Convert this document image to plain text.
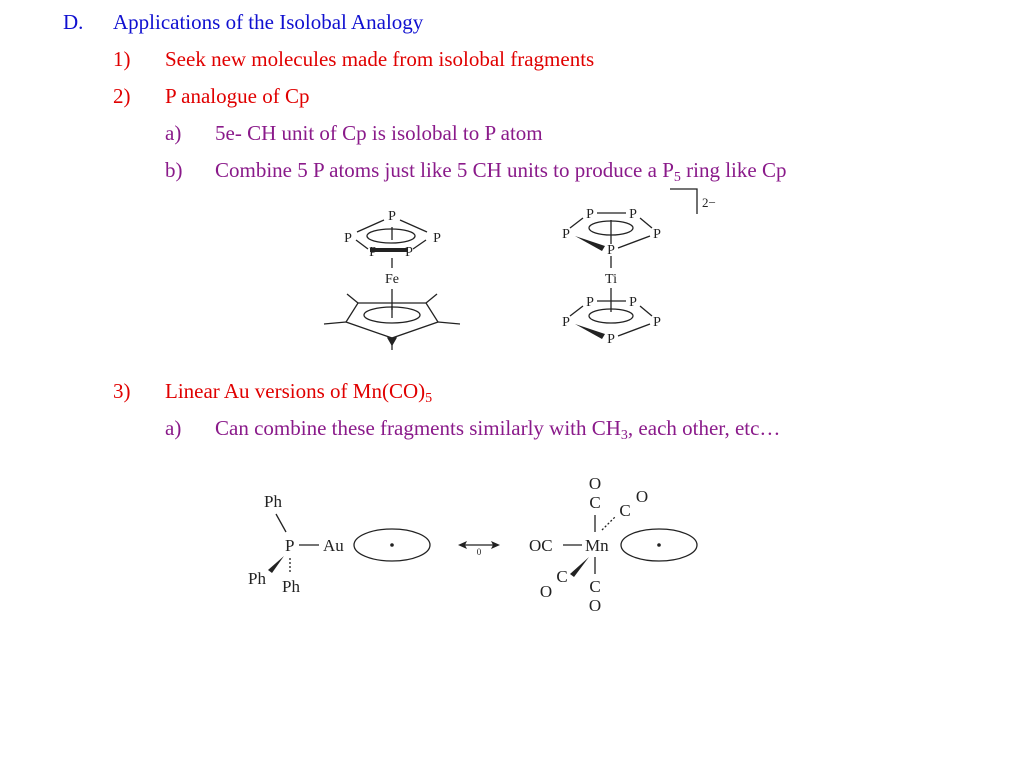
D. Applications of the Isolobal Analogy
1) Seek new molecules made from isolobal fragments
2) P analogue of Cp
a) 5e- CH unit of Cp is isolobal to P atom
b) Combine 5 P atoms just like 5 CH units to produce a $P_5$ ring like Cp
3) Linear Au versions of $Mn(CO)_5$
a) Can combine these fragments similarly with $CH_3$, each other, etc…
P
P	P
P P
Fe
P	P
P	P
P
Ti
P	P
P	P
P
2−
Ph
P Au
Ph Ph
0
O
C C
O
OC Mn
C
O C
O
